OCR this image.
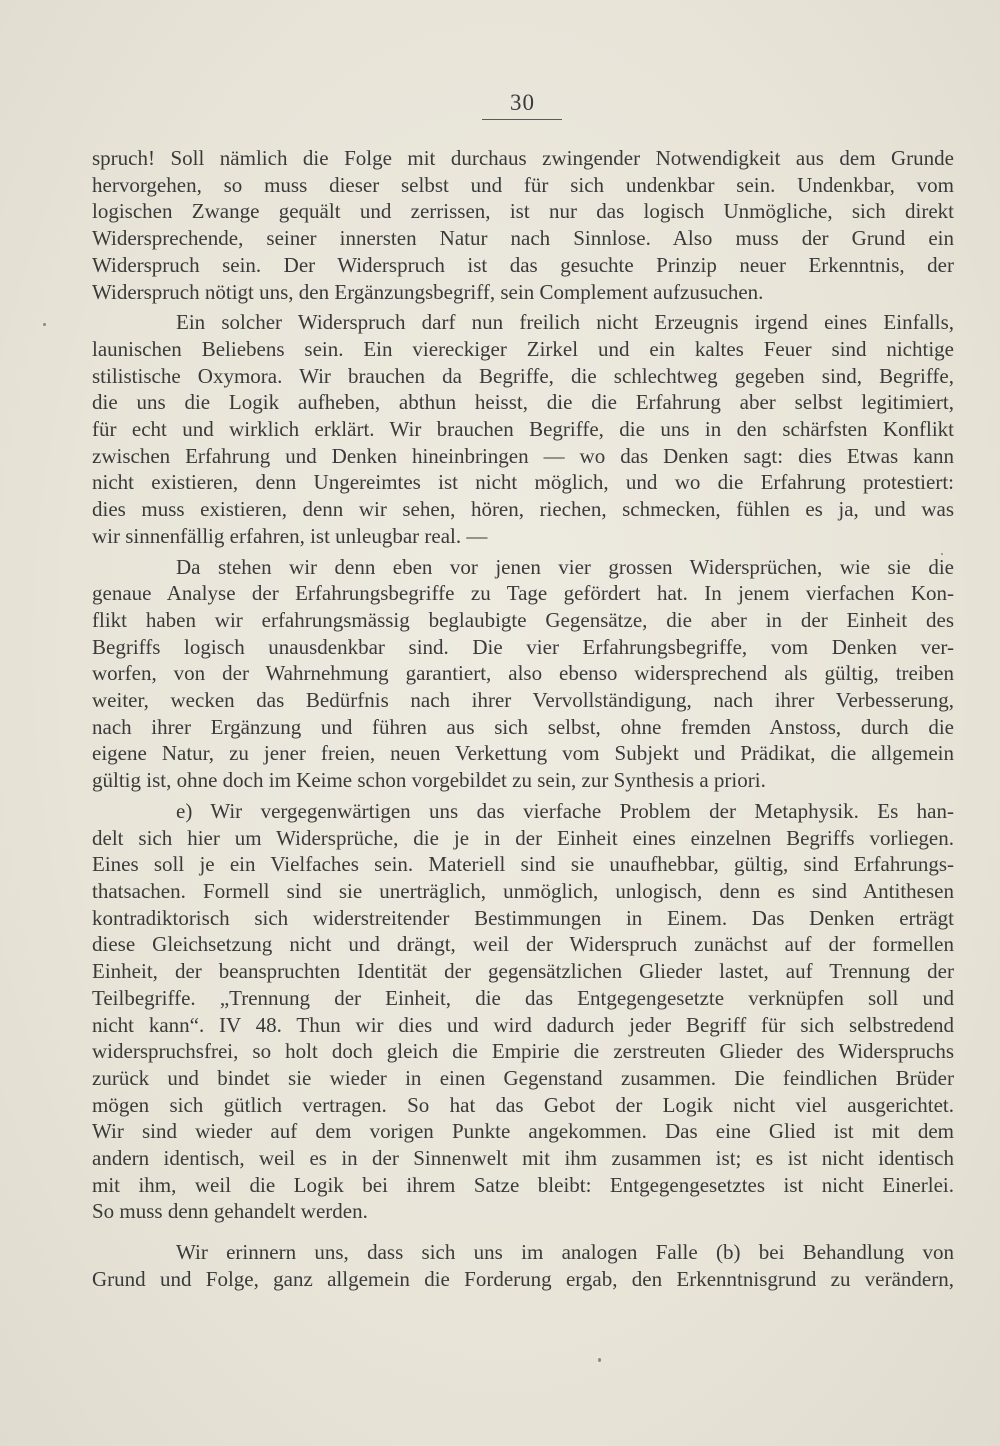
30
spruch! Soll nämlich die Folge mit durchaus zwingender Notwendigkeit aus dem Grunde
hervorgehen, so muss dieser selbst und für sich undenkbar sein. Undenkbar, vom
logischen Zwange gequält und zerrissen, ist nur das logisch Unmögliche, sich direkt
Widersprechende, seiner innersten Natur nach Sinnlose. Also muss der Grund ein
Widerspruch sein. Der Widerspruch ist das gesuchte Prinzip neuer Erkenntnis, der
Widerspruch nötigt uns, den Ergänzungsbegriff, sein Complement aufzusuchen.
Ein solcher Widerspruch darf nun freilich nicht Erzeugnis irgend eines Einfalls,
launischen Beliebens sein. Ein viereckiger Zirkel und ein kaltes Feuer sind nichtige
stilistische Oxymora. Wir brauchen da Begriffe, die schlechtweg gegeben sind, Begriffe,
die uns die Logik aufheben, abthun heisst, die die Erfahrung aber selbst legitimiert,
für echt und wirklich erklärt. Wir brauchen Begriffe, die uns in den schärfsten Konflikt
zwischen Erfahrung und Denken hineinbringen — wo das Denken sagt: dies Etwas kann
nicht existieren, denn Ungereimtes ist nicht möglich, und wo die Erfahrung protestiert:
dies muss existieren, denn wir sehen, hören, riechen, schmecken, fühlen es ja, und was
wir sinnenfällig erfahren, ist unleugbar real. —
Da stehen wir denn eben vor jenen vier grossen Widersprüchen, wie sie die
genaue Analyse der Erfahrungsbegriffe zu Tage gefördert hat. In jenem vierfachen Kon-
flikt haben wir erfahrungsmässig beglaubigte Gegensätze, die aber in der Einheit des
Begriffs logisch unausdenkbar sind. Die vier Erfahrungsbegriffe, vom Denken ver-
worfen, von der Wahrnehmung garantiert, also ebenso widersprechend als gültig, treiben
weiter, wecken das Bedürfnis nach ihrer Vervollständigung, nach ihrer Verbesserung,
nach ihrer Ergänzung und führen aus sich selbst, ohne fremden Anstoss, durch die
eigene Natur, zu jener freien, neuen Verkettung vom Subjekt und Prädikat, die allgemein
gültig ist, ohne doch im Keime schon vorgebildet zu sein, zur Synthesis a priori.
e) Wir vergegenwärtigen uns das vierfache Problem der Metaphysik. Es han-
delt sich hier um Widersprüche, die je in der Einheit eines einzelnen Begriffs vorliegen.
Eines soll je ein Vielfaches sein. Materiell sind sie unaufhebbar, gültig, sind Erfahrungs-
thatsachen. Formell sind sie unerträglich, unmöglich, unlogisch, denn es sind Antithesen
kontradiktorisch sich widerstreitender Bestimmungen in Einem. Das Denken erträgt
diese Gleichsetzung nicht und drängt, weil der Widerspruch zunächst auf der formellen
Einheit, der beanspruchten Identität der gegensätzlichen Glieder lastet, auf Trennung der
Teilbegriffe. „Trennung der Einheit, die das Entgegengesetzte verknüpfen soll und
nicht kann“. IV 48. Thun wir dies und wird dadurch jeder Begriff für sich selbstredend
widerspruchsfrei, so holt doch gleich die Empirie die zerstreuten Glieder des Widerspruchs
zurück und bindet sie wieder in einen Gegenstand zusammen. Die feindlichen Brüder
mögen sich gütlich vertragen. So hat das Gebot der Logik nicht viel ausgerichtet.
Wir sind wieder auf dem vorigen Punkte angekommen. Das eine Glied ist mit dem
andern identisch, weil es in der Sinnenwelt mit ihm zusammen ist; es ist nicht identisch
mit ihm, weil die Logik bei ihrem Satze bleibt: Entgegengesetztes ist nicht Einerlei.
So muss denn gehandelt werden.
Wir erinnern uns, dass sich uns im analogen Falle (b) bei Behandlung von
Grund und Folge, ganz allgemein die Forderung ergab, den Erkenntnisgrund zu verändern,
